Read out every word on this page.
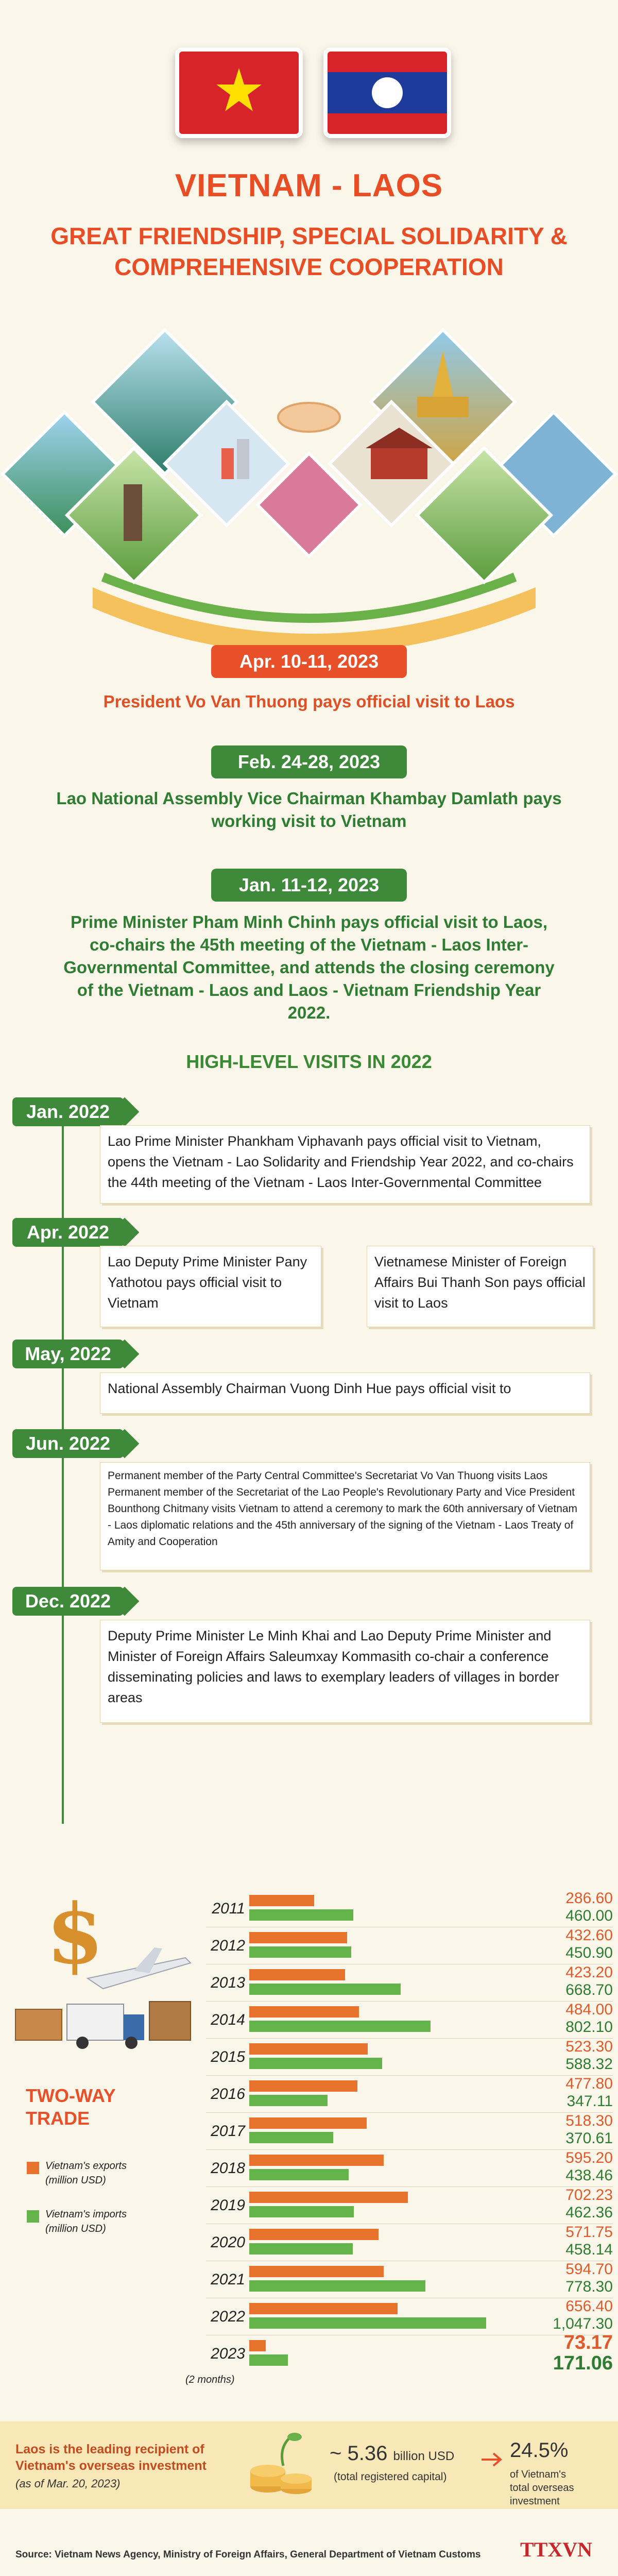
VIETNAM - LAOS
GREAT FRIENDSHIP, SPECIAL SOLIDARITY &
COMPREHENSIVE COOPERATION
Apr. 10-11, 2023
President Vo Van Thuong pays official visit to Laos
Feb. 24-28, 2023
Lao National Assembly Vice Chairman Khambay Damlath pays working visit to Vietnam
Jan. 11-12, 2023
Prime Minister Pham Minh Chinh pays official visit to Laos, co-chairs the 45th meeting of the Vietnam - Laos Inter-Governmental Committee, and attends the closing ceremony of the Vietnam - Laos and Laos - Vietnam Friendship Year 2022.
HIGH-LEVEL VISITS IN 2022
Jan. 2022
Lao Prime Minister Phankham Viphavanh pays official visit to Vietnam, opens the Vietnam - Lao Solidarity and Friendship Year 2022, and co-chairs the 44th meeting of the Vietnam - Laos Inter-Governmental Committee
Apr. 2022
Lao Deputy Prime Minister Pany Yathotou pays official visit to Vietnam
Vietnamese Minister of Foreign Affairs Bui Thanh Son pays official visit to Laos
May, 2022
National Assembly Chairman Vuong Dinh Hue pays official visit to
Jun. 2022
Permanent member of the Party Central Committee's Secretariat Vo Van Thuong visits Laos
Permanent member of the Secretariat of the Lao People's Revolutionary Party and Vice President Bounthong Chitmany visits Vietnam to attend a ceremony to mark the 60th anniversary of Vietnam - Laos diplomatic relations and the 45th anniversary of the signing of the Vietnam - Laos Treaty of Amity and Cooperation
Dec. 2022
Deputy Prime Minister Le Minh Khai and Lao Deputy Prime Minister and Minister of Foreign Affairs Saleumxay Kommasith co-chair a conference disseminating policies and laws to exemplary leaders of villages in border areas
$
TWO-WAY
TRADE
Vietnam's exports (million USD)
Vietnam's imports (million USD)
2011
286.60
460.00
2012
432.60
450.90
2013
423.20
668.70
2014
484.00
802.10
2015
523.30
588.32
2016
477.80
347.11
2017
518.30
370.61
2018
595.20
438.46
2019
702.23
462.36
2020
571.75
458.14
2021
594.70
778.30
2022
656.40
1,047.30
2023
73.17
171.06
(2 months)
Laos is the leading recipient of Vietnam's overseas investment
(as of Mar. 20, 2023)
~ 5.36 billion USD
(total registered capital)
24.5%
of Vietnam's total overseas investment
Source: Vietnam News Agency, Ministry of Foreign Affairs, General Department of Vietnam Customs TTXVN
